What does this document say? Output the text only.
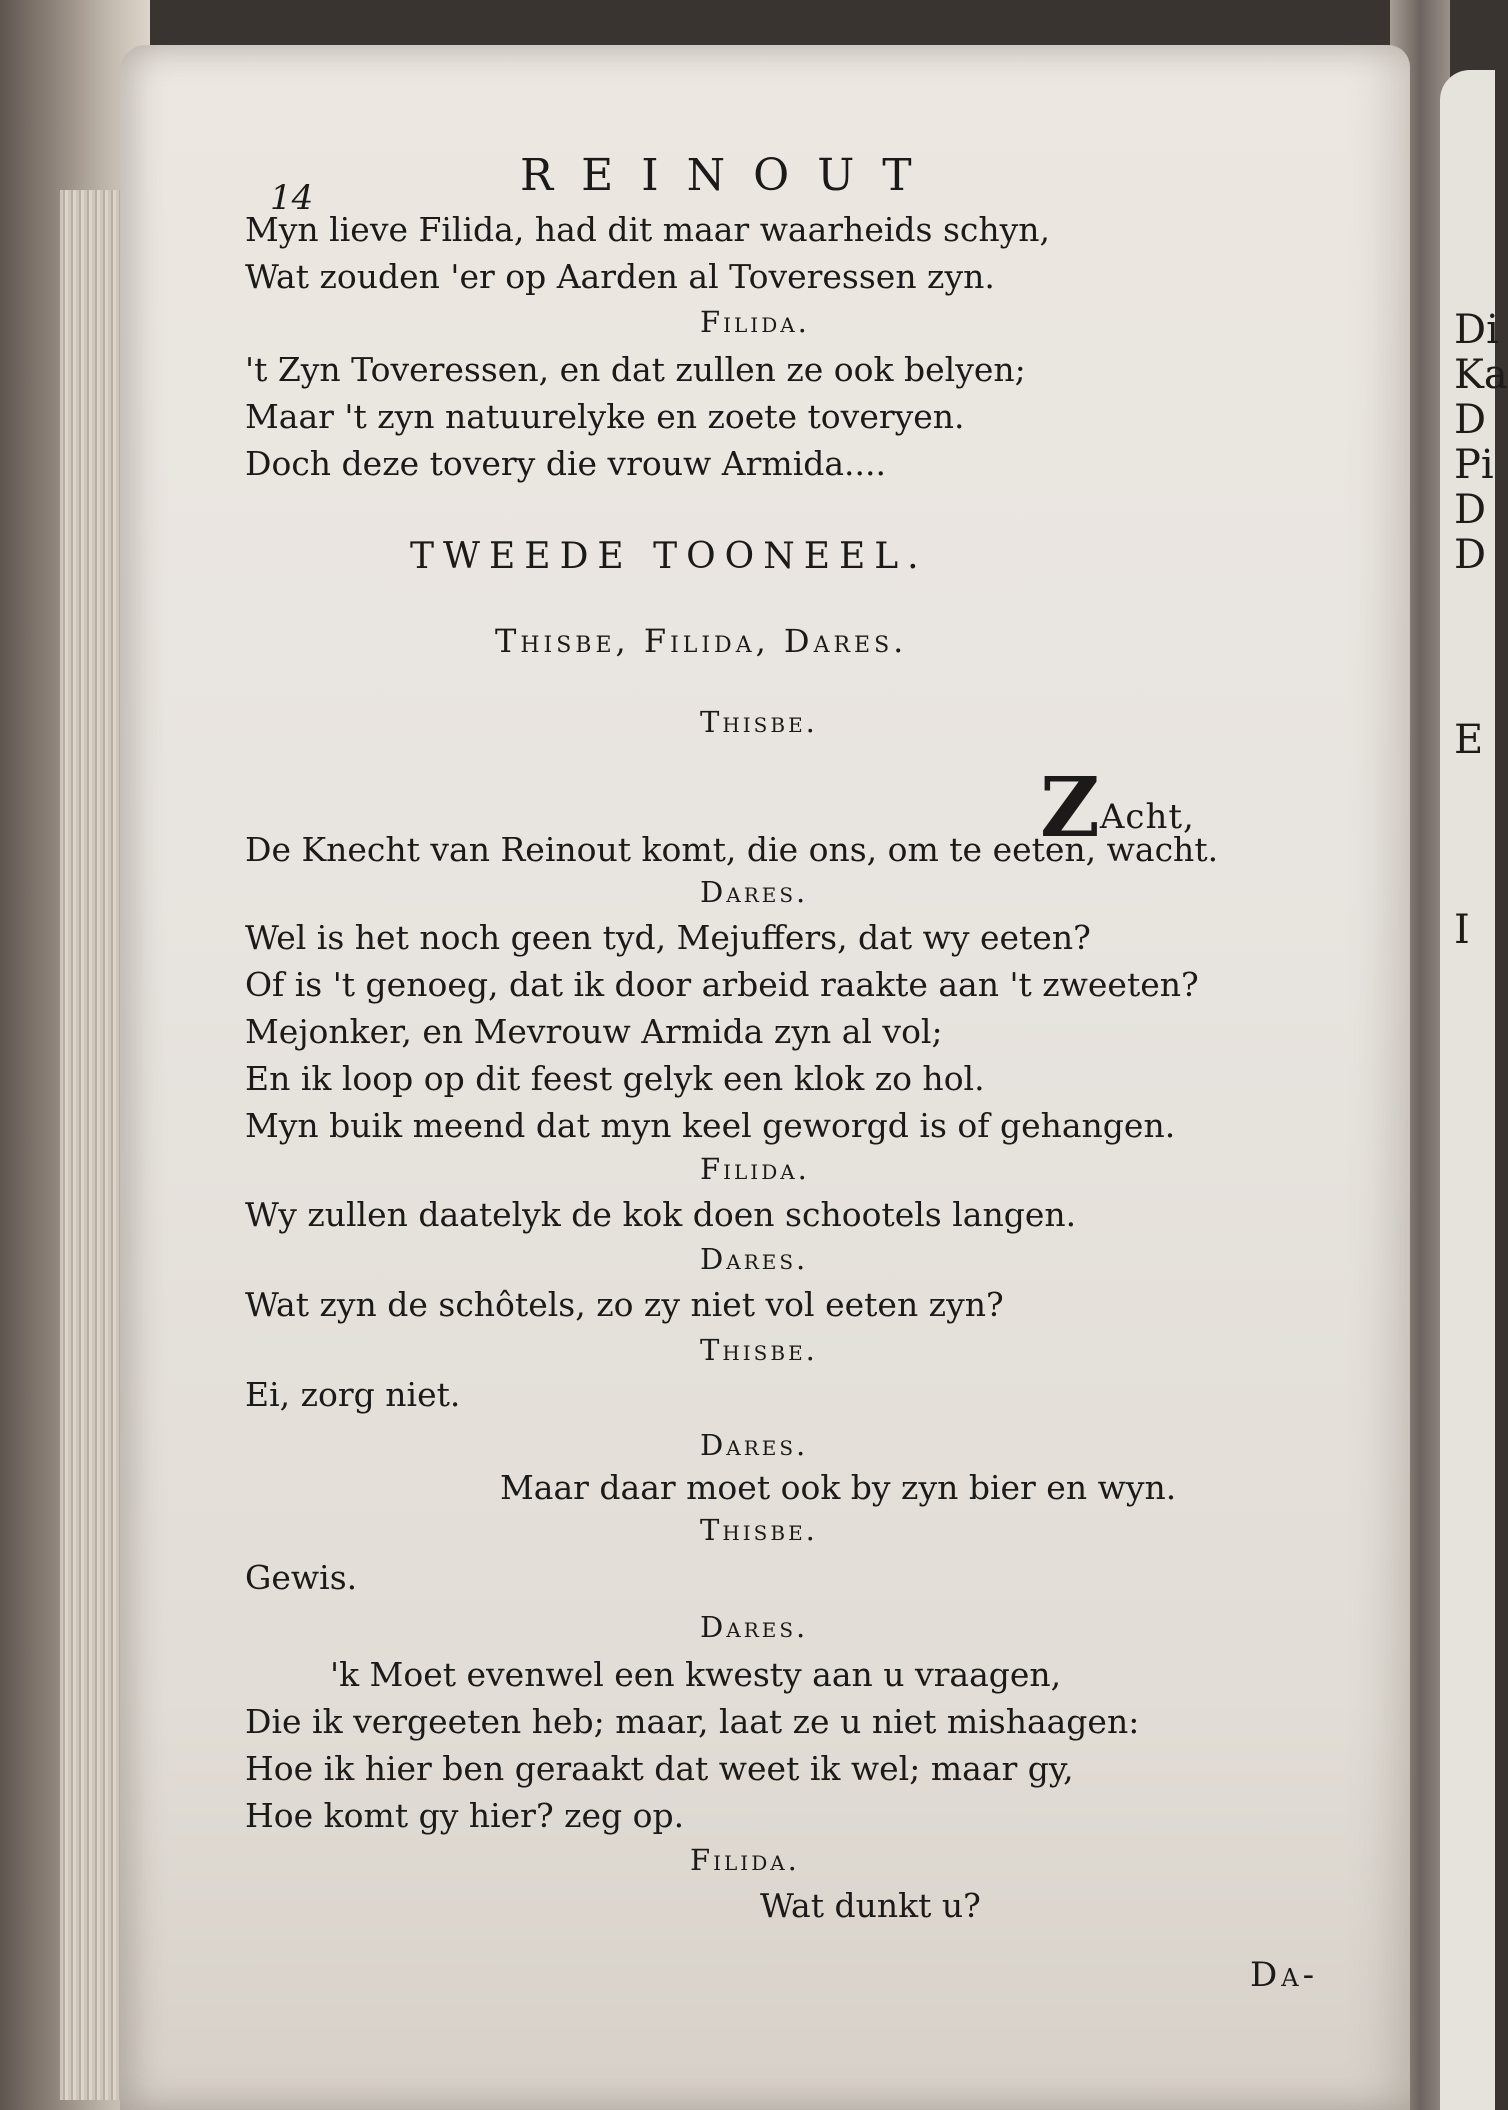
Di
Ka
D
Pi
D
D
E
I

14	REINOUT

Myn lieve Filida, had dit maar waarheids schyn,

Wat zouden 'er op Aarden al Toveressen zyn.

Filida.

't Zyn Toveressen, en dat zullen ze ook belyen;

Maar 't zyn natuurelyke en zoete toveryen.

Doch deze tovery die vrouw Armida....

TWEEDE TOONEEL.

Thisbe, Filida, Dares.

Thisbe.

ZAcht,

De Knecht van Reinout komt, die ons, om te eeten, wacht.

Dares.

Wel is het noch geen tyd, Mejuffers, dat wy eeten?

Of is 't genoeg, dat ik door arbeid raakte aan 't zweeten?

Mejonker, en Mevrouw Armida zyn al vol;

En ik loop op dit feest gelyk een klok zo hol.

Myn buik meend dat myn keel geworgd is of gehangen.

Filida.

Wy zullen daatelyk de kok doen schootels langen.

Dares.

Wat zyn de schôtels, zo zy niet vol eeten zyn?

Thisbe.

Ei, zorg niet.

Dares.

Maar daar moet ook by zyn bier en wyn.

Thisbe.

Gewis.

Dares.

'k Moet evenwel een kwesty aan u vraagen,

Die ik vergeeten heb; maar, laat ze u niet mishaagen:

Hoe ik hier ben geraakt dat weet ik wel; maar gy,

Hoe komt gy hier? zeg op.

Filida.

Wat dunkt u?

Da-
